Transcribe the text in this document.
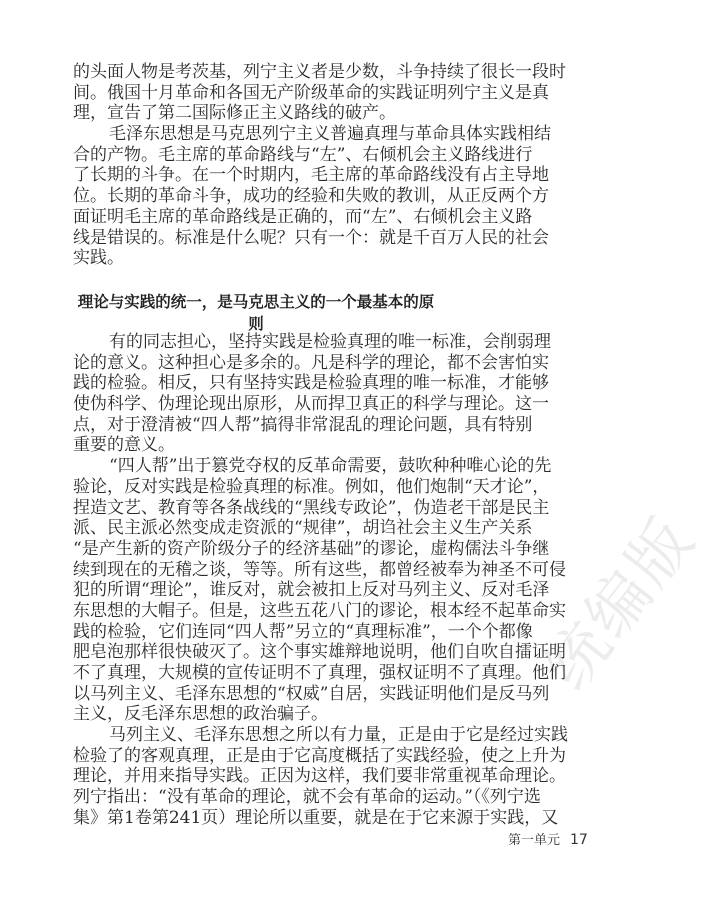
统编版
的头面人物是考茨基，列宁主义者是少数，斗争持续了很长一段时
间。俄国十月革命和各国无产阶级革命的实践证明列宁主义是真
理，宣告了第二国际修正主义路线的破产。
毛泽东思想是马克思列宁主义普遍真理与革命具体实践相结
合的产物。毛主席的革命路线与“左”、右倾机会主义路线进行
了长期的斗争。在一个时期内，毛主席的革命路线没有占主导地
位。长期的革命斗争，成功的经验和失败的教训，从正反两个方
面证明毛主席的革命路线是正确的，而“左”、右倾机会主义路
线是错误的。标准是什么呢？只有一个：就是千百万人民的社会
实践。
理论与实践的统一，是马克思主义的一个最基本的原则
有的同志担心，坚持实践是检验真理的唯一标准，会削弱理
论的意义。这种担心是多余的。凡是科学的理论，都不会害怕实
践的检验。相反，只有坚持实践是检验真理的唯一标准，才能够
使伪科学、伪理论现出原形，从而捍卫真正的科学与理论。这一
点，对于澄清被“四人帮”搞得非常混乱的理论问题，具有特别
重要的意义。
“四人帮”出于篡党夺权的反革命需要，鼓吹种种唯心论的先
验论，反对实践是检验真理的标准。例如，他们炮制“天才论”，
捏造文艺、教育等各条战线的“黑线专政论”，伪造老干部是民主
派、民主派必然变成走资派的“规律”，胡诌社会主义生产关系
“是产生新的资产阶级分子的经济基础”的谬论，虚构儒法斗争继
续到现在的无稽之谈，等等。所有这些，都曾经被奉为神圣不可侵
犯的所谓“理论”，谁反对，就会被扣上反对马列主义、反对毛泽
东思想的大帽子。但是，这些五花八门的谬论，根本经不起革命实
践的检验，它们连同“四人帮”另立的“真理标准”，一个个都像
肥皂泡那样很快破灭了。这个事实雄辩地说明，他们自吹自擂证明
不了真理，大规模的宣传证明不了真理，强权证明不了真理。他们
以马列主义、毛泽东思想的“权威”自居，实践证明他们是反马列
主义，反毛泽东思想的政治骗子。
马列主义、毛泽东思想之所以有力量，正是由于它是经过实践
检验了的客观真理，正是由于它高度概括了实践经验，使之上升为
理论，并用来指导实践。正因为这样，我们要非常重视革命理论。
列宁指出：“没有革命的理论，就不会有革命的运动。”（《列宁选
集》第1卷第241页）理论所以重要，就是在于它来源于实践，又
第一单元 17
